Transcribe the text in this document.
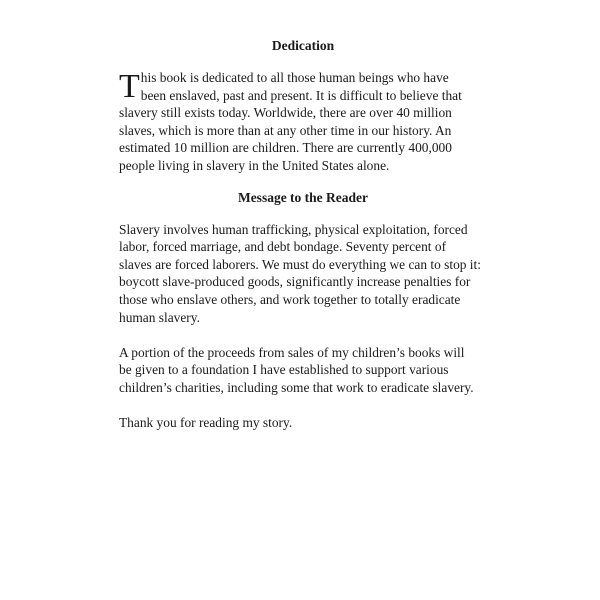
Dedication
T his book is dedicated to all those human beings who have
been enslaved, past and present. It is difficult to believe that
slavery still exists today. Worldwide, there are over 40 million
slaves, which is more than at any other time in our history. An
estimated 10 million are children. There are currently 400,000
people living in slavery in the United States alone.
Message to the Reader
Slavery involves human trafficking, physical exploitation, forced
labor, forced marriage, and debt bondage. Seventy percent of
slaves are forced laborers. We must do everything we can to stop it:
boycott slave-produced goods, significantly increase penalties for
those who enslave others, and work together to totally eradicate
human slavery.
A portion of the proceeds from sales of my children’s books will
be given to a foundation I have established to support various
children’s charities, including some that work to eradicate slavery.
Thank you for reading my story.
